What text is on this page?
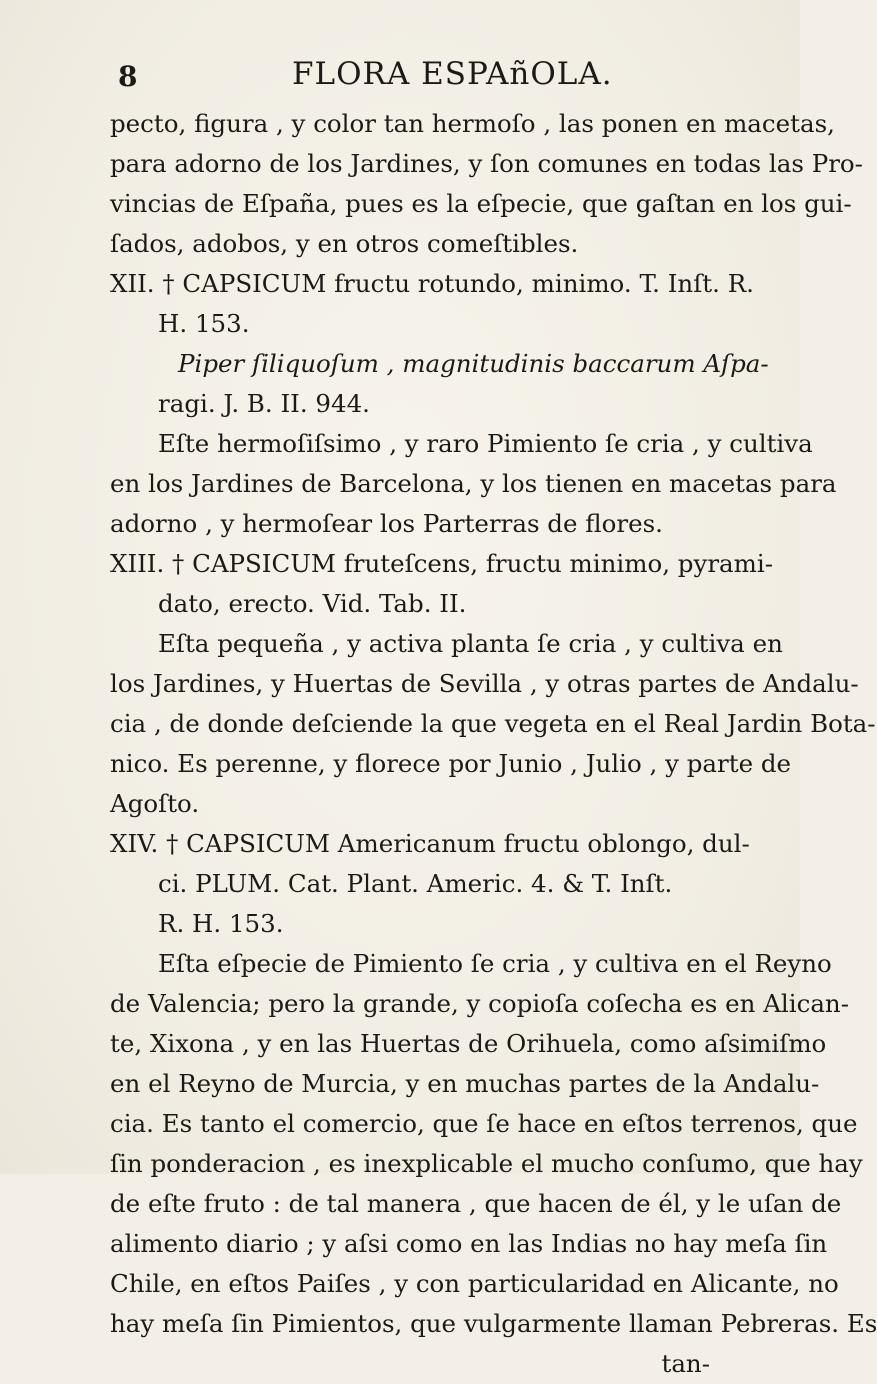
8	FLORA ESPAñOLA.
pecto, figura , y color tan hermoſo , las ponen en macetas,
para adorno de los Jardines, y ſon comunes en todas las Pro-
vincias de Eſpaña, pues es la eſpecie, que gaſtan en los gui-
ſados, adobos, y en otros comeſtibles.
XII. † CAPSICUM fructu rotundo, minimo. T. Inſt. R.
H. 153.
Piper ſiliquoſum , magnitudinis baccarum Aſpa-
ragi. J. B. II. 944.
Eſte hermoſiſsimo , y raro Pimiento ſe cria , y cultiva
en los Jardines de Barcelona, y los tienen en macetas para
adorno , y hermoſear los Parterras de flores.
XIII. † CAPSICUM fruteſcens, fructu minimo, pyrami-
dato, erecto. Vid. Tab. II.
Eſta pequeña , y activa planta ſe cria , y cultiva en
los Jardines, y Huertas de Sevilla , y otras partes de Andalu-
cia , de donde deſciende la que vegeta en el Real Jardin Bota-
nico. Es perenne, y florece por Junio , Julio , y parte de
Agoſto.
XIV. † CAPSICUM Americanum fructu oblongo, dul-
ci. PLUM. Cat. Plant. Americ. 4. & T. Inſt.
R. H. 153.
Eſta eſpecie de Pimiento ſe cria , y cultiva en el Reyno
de Valencia; pero la grande, y copioſa coſecha es en Alican-
te, Xixona , y en las Huertas de Orihuela, como aſsimiſmo
en el Reyno de Murcia, y en muchas partes de la Andalu-
cia. Es tanto el comercio, que ſe hace en eſtos terrenos, que
ſin ponderacion , es inexplicable el mucho conſumo, que hay
de eſte fruto : de tal manera , que hacen de él, y le uſan de
alimento diario ; y aſsi como en las Indias no hay meſa ſin
Chile, en eſtos Paiſes , y con particularidad en Alicante, no
hay meſa ſin Pimientos, que vulgarmente llaman Pebreras. Es
tan-
